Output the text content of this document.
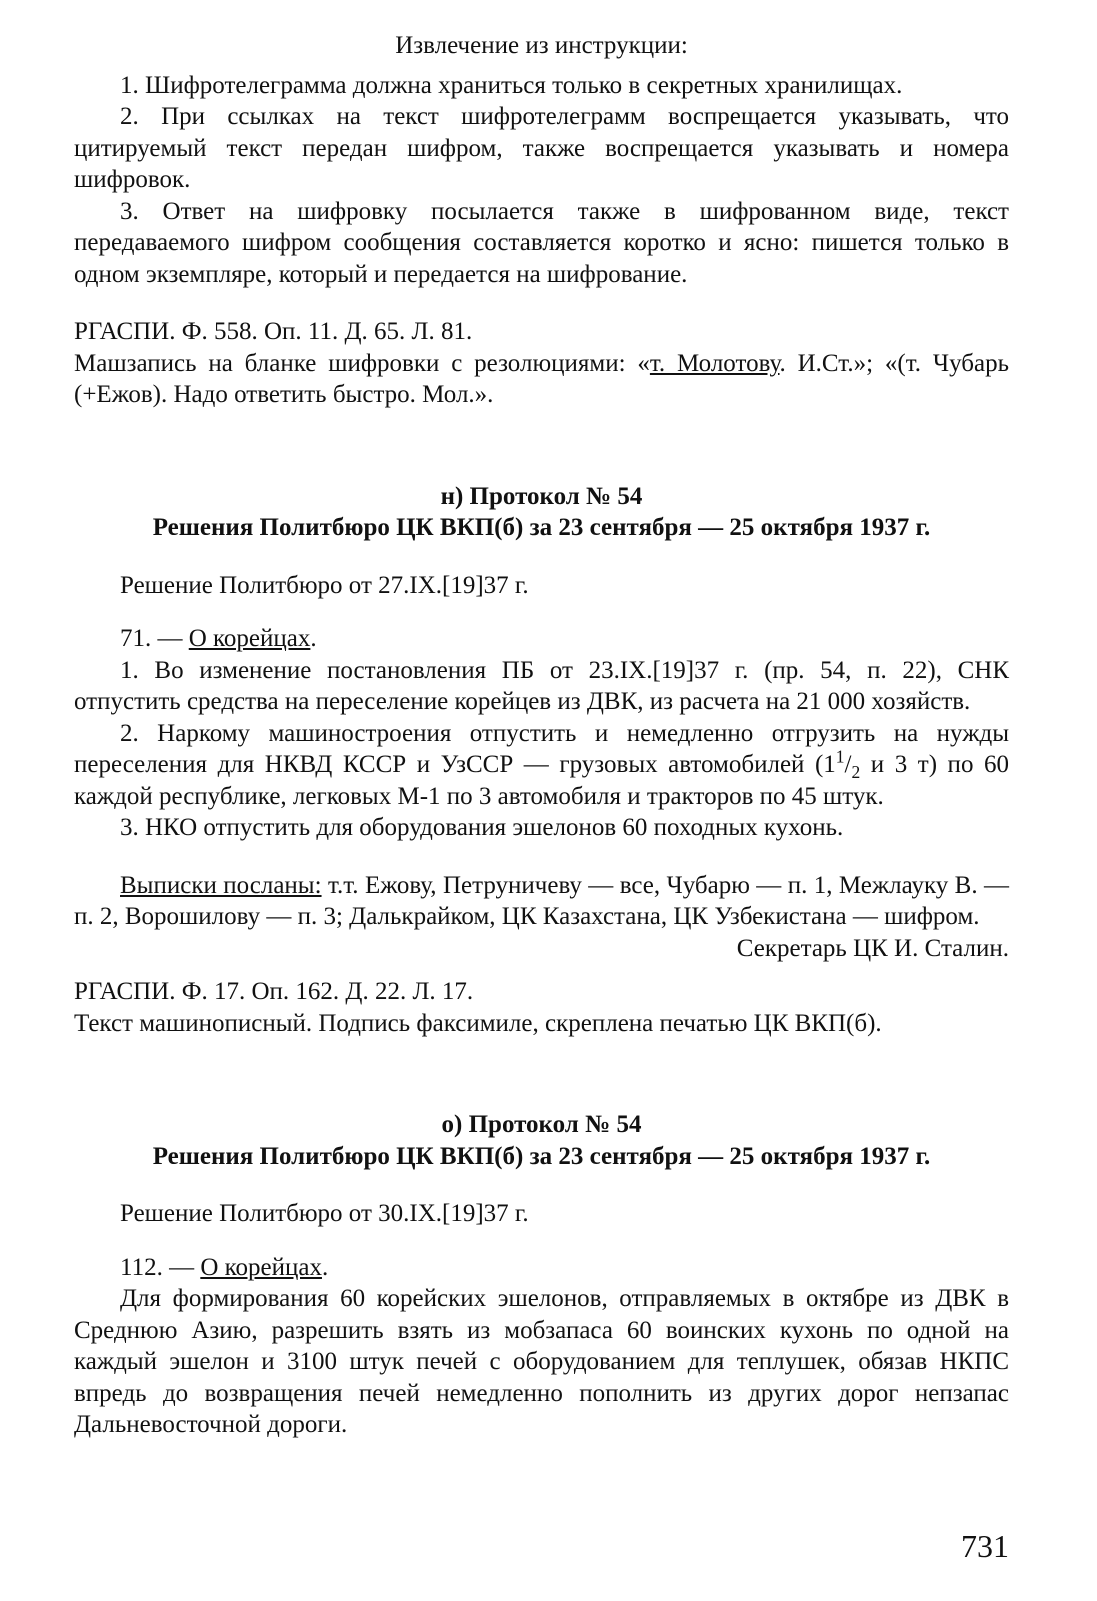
Извлечение из инструкции:

1. Шифротелеграмма должна храниться только в секретных хранилищах.

2. При ссылках на текст шифротелеграмм воспрещается указывать, что цитируемый текст передан шифром, также воспрещается указывать и номера шифровок.

3. Ответ на шифровку посылается также в шифрованном виде, текст передаваемого шифром сообщения составляется коротко и ясно: пишется только в одном экземпляре, который и передается на шифрование.

РГАСПИ. Ф. 558. Оп. 11. Д. 65. Л. 81.

Машзапись на бланке шифровки с резолюциями: «т. Молотову. И.Ст.»; «(т. Чубарь (+Ежов). Надо ответить быстро. Мол.».

н) Протокол № 54

Решения Политбюро ЦК ВКП(б) за 23 сентября — 25 октября 1937 г.

Решение Политбюро от 27.IX.[19]37 г.

71. — О корейцах.

1. Во изменение постановления ПБ от 23.IX.[19]37 г. (пр. 54, п. 22), СНК отпустить средства на переселение корейцев из ДВК, из расчета на 21 000 хозяйств.

2. Наркому машиностроения отпустить и немедленно отгрузить на нужды переселения для НКВД КССР и УзССР — грузовых автомобилей ($1^1/_2$ и 3 т) по 60 каждой республике, легковых М-1 по 3 автомобиля и тракторов по 45 штук.

3. НКО отпустить для оборудования эшелонов 60 походных кухонь.

Выписки посланы: т.т. Ежову, Петруничеву — все, Чубарю — п. 1, Межлауку В. — п. 2, Ворошилову — п. 3; Далькрайком, ЦК Казахстана, ЦК Узбекистана — шифром.

Секретарь ЦК И. Сталин.

РГАСПИ. Ф. 17. Оп. 162. Д. 22. Л. 17.

Текст машинописный. Подпись факсимиле, скреплена печатью ЦК ВКП(б).

о) Протокол № 54

Решения Политбюро ЦК ВКП(б) за 23 сентября — 25 октября 1937 г.

Решение Политбюро от 30.IX.[19]37 г.

112. — О корейцах.

Для формирования 60 корейских эшелонов, отправляемых в октябре из ДВК в Среднюю Азию, разрешить взять из мобзапаса 60 воинских кухонь по одной на каждый эшелон и 3100 штук печей с оборудованием для теплушек, обязав НКПС впредь до возвращения печей немедленно пополнить из других дорог непзапас Дальневосточной дороги.

731
